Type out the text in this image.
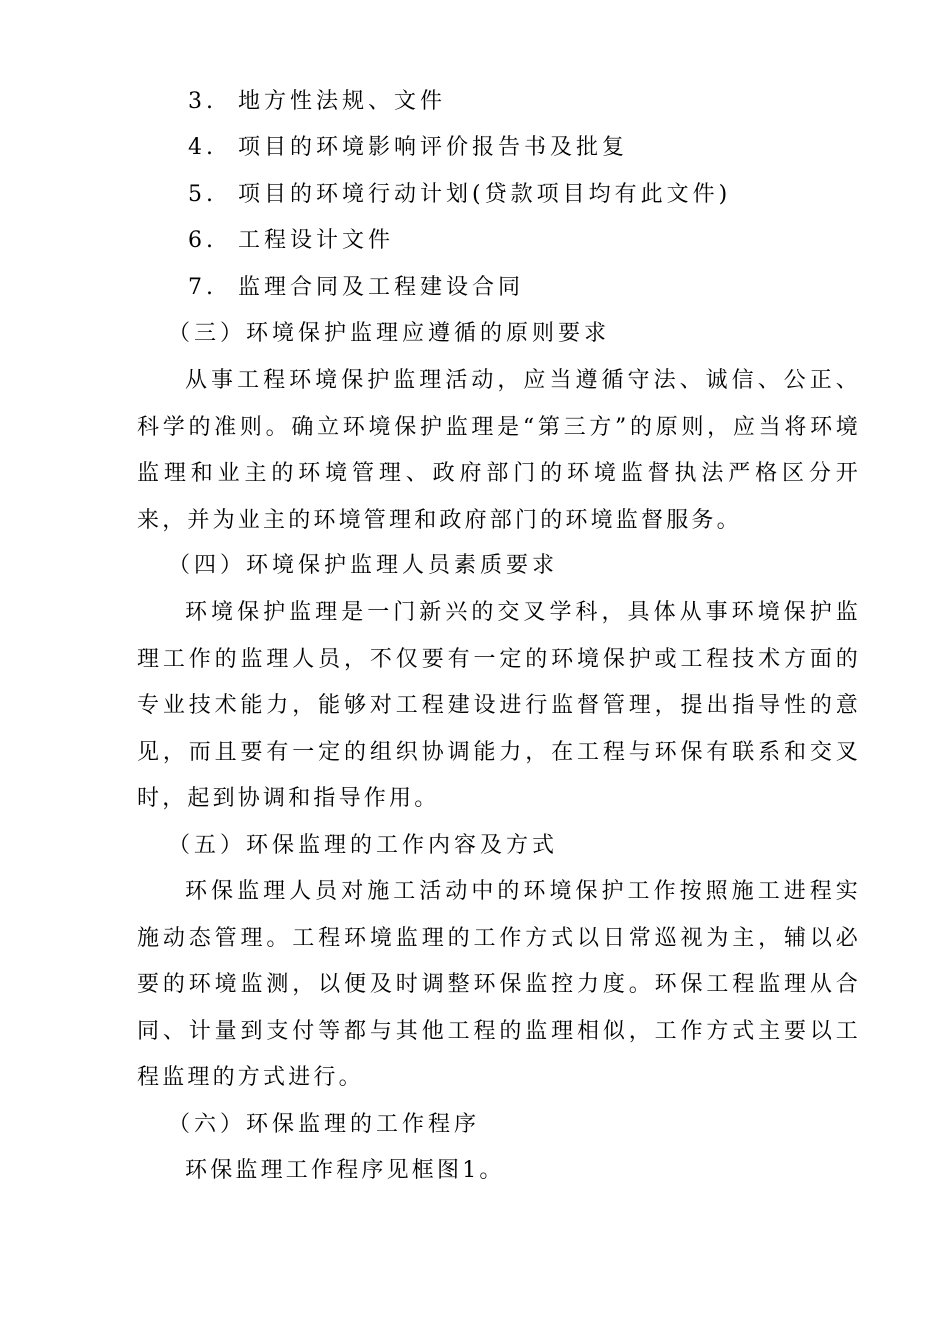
3. 地方性法规、文件
4. 项目的环境影响评价报告书及批复
5. 项目的环境行动计划(贷款项目均有此文件)
6. 工程设计文件
7. 监理合同及工程建设合同
（三）环境保护监理应遵循的原则要求
从事工程环境保护监理活动，应当遵循守法、诚信、公正、科学的准则。确立环境保护监理是“第三方”的原则，应当将环境监理和业主的环境管理、政府部门的环境监督执法严格区分开来，并为业主的环境管理和政府部门的环境监督服务。
（四）环境保护监理人员素质要求
环境保护监理是一门新兴的交叉学科，具体从事环境保护监理工作的监理人员，不仅要有一定的环境保护或工程技术方面的专业技术能力，能够对工程建设进行监督管理，提出指导性的意见，而且要有一定的组织协调能力，在工程与环保有联系和交叉时，起到协调和指导作用。
（五）环保监理的工作内容及方式
环保监理人员对施工活动中的环境保护工作按照施工进程实施动态管理。工程环境监理的工作方式以日常巡视为主，辅以必要的环境监测，以便及时调整环保监控力度。环保工程监理从合同、计量到支付等都与其他工程的监理相似，工作方式主要以工程监理的方式进行。
（六）环保监理的工作程序
环保监理工作程序见框图1。
